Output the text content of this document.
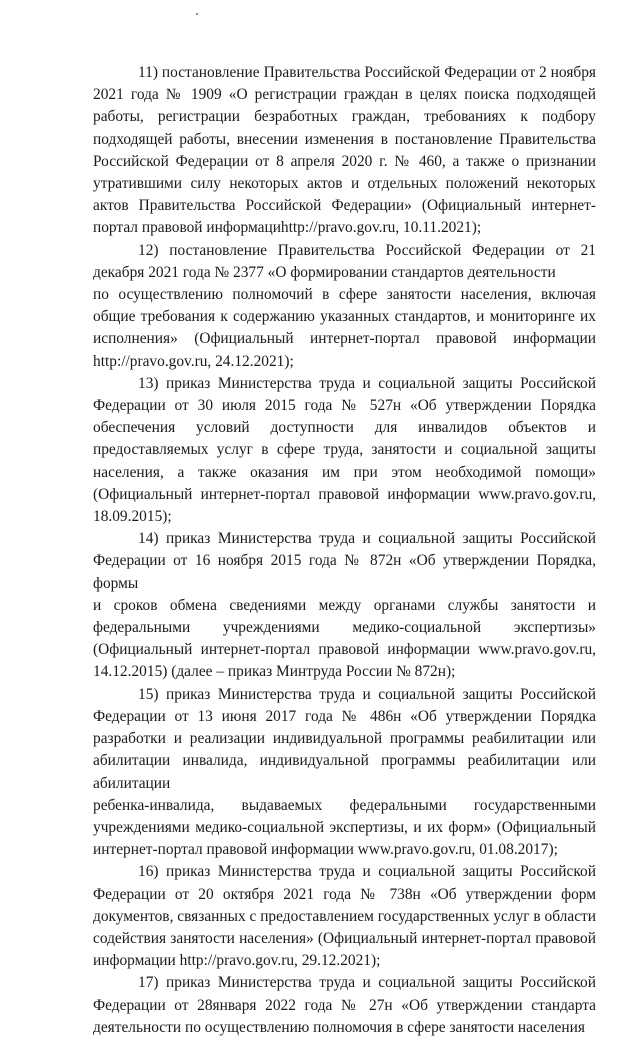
11) постановление Правительства Российской Федерации от 2 ноября 2021 года № 1909 «О регистрации граждан в целях поиска подходящей работы, регистрации безработных граждан, требованиях к подбору подходящей работы, внесении изменения в постановление Правительства Российской Федерации от 8 апреля 2020 г. № 460, а также о признании утратившими силу некоторых актов и отдельных положений некоторых актов Правительства Российской Федерации» (Официальный интернет-портал правовой информациhttp://pravo.gov.ru, 10.11.2021);

12) постановление Правительства Российской Федерации от 21 декабря 2021 года № 2377 «О формировании стандартов деятельности

по осуществлению полномочий в сфере занятости населения, включая общие требования к содержанию указанных стандартов, и мониторинге их исполнения» (Официальный интернет-портал правовой информации http://pravo.gov.ru, 24.12.2021);

13) приказ Министерства труда и социальной защиты Российской Федерации от 30 июля 2015 года № 527н «Об утверждении Порядка обеспечения условий доступности для инвалидов объектов и предоставляемых услуг в сфере труда, занятости и социальной защиты населения, а также оказания им при этом необходимой помощи» (Официальный интернет-портал правовой информации www.pravo.gov.ru, 18.09.2015);

14) приказ Министерства труда и социальной защиты Российской Федерации от 16 ноября 2015 года № 872н «Об утверждении Порядка, формы

и сроков обмена сведениями между органами службы занятости и федеральными учреждениями медико-социальной экспертизы» (Официальный интернет-портал правовой информации www.pravo.gov.ru, 14.12.2015) (далее – приказ Минтруда России № 872н);

15) приказ Министерства труда и социальной защиты Российской Федерации от 13 июня 2017 года № 486н «Об утверждении Порядка разработки и реализации индивидуальной программы реабилитации или абилитации инвалида, индивидуальной программы реабилитации или абилитации

ребенка-инвалида, выдаваемых федеральными государственными учреждениями медико-социальной экспертизы, и их форм» (Официальный интернет-портал правовой информации www.pravo.gov.ru, 01.08.2017);

16) приказ Министерства труда и социальной защиты Российской Федерации от 20 октября 2021 года № 738н «Об утверждении форм документов, связанных с предоставлением государственных услуг в области содействия занятости населения» (Официальный интернет-портал правовой информации http://pravo.gov.ru, 29.12.2021);

17) приказ Министерства труда и социальной защиты Российской Федерации от 28января 2022 года № 27н «Об утверждении стандарта деятельности по осуществлению полномочия в сфере занятости населения
